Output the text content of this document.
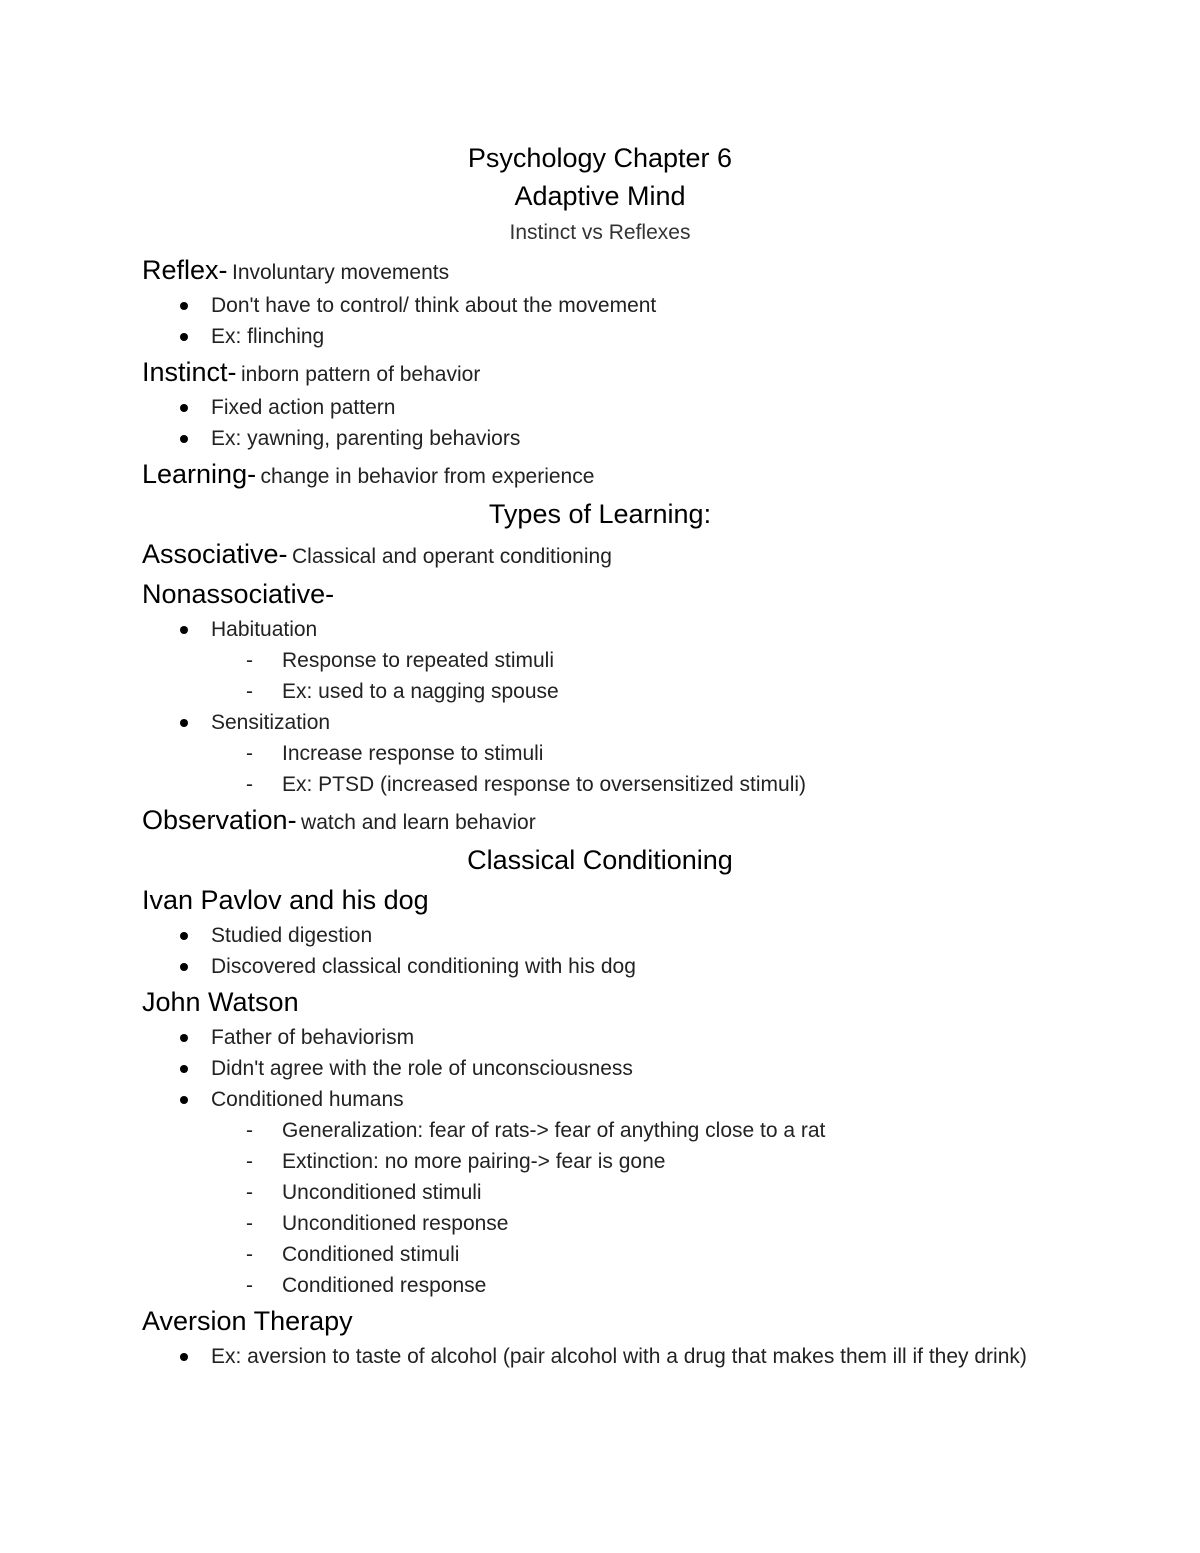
Psychology Chapter 6
Adaptive Mind
Instinct vs Reflexes
Reflex- Involuntary movements
Don't have to control/ think about the movement
Ex: flinching
Instinct- inborn pattern of behavior
Fixed action pattern
Ex: yawning, parenting behaviors
Learning- change in behavior from experience
Types of Learning:
Associative- Classical and operant conditioning
Nonassociative-
Habituation
- Response to repeated stimuli
- Ex: used to a nagging spouse
Sensitization
- Increase response to stimuli
- Ex: PTSD (increased response to oversensitized stimuli)
Observation- watch and learn behavior
Classical Conditioning
Ivan Pavlov and his dog
Studied digestion
Discovered classical conditioning with his dog
John Watson
Father of behaviorism
Didn't agree with the role of unconsciousness
Conditioned humans
- Generalization: fear of rats-> fear of anything close to a rat
- Extinction: no more pairing-> fear is gone
- Unconditioned stimuli
- Unconditioned response
- Conditioned stimuli
- Conditioned response
Aversion Therapy
Ex: aversion to taste of alcohol (pair alcohol with a drug that makes them ill if they drink)
